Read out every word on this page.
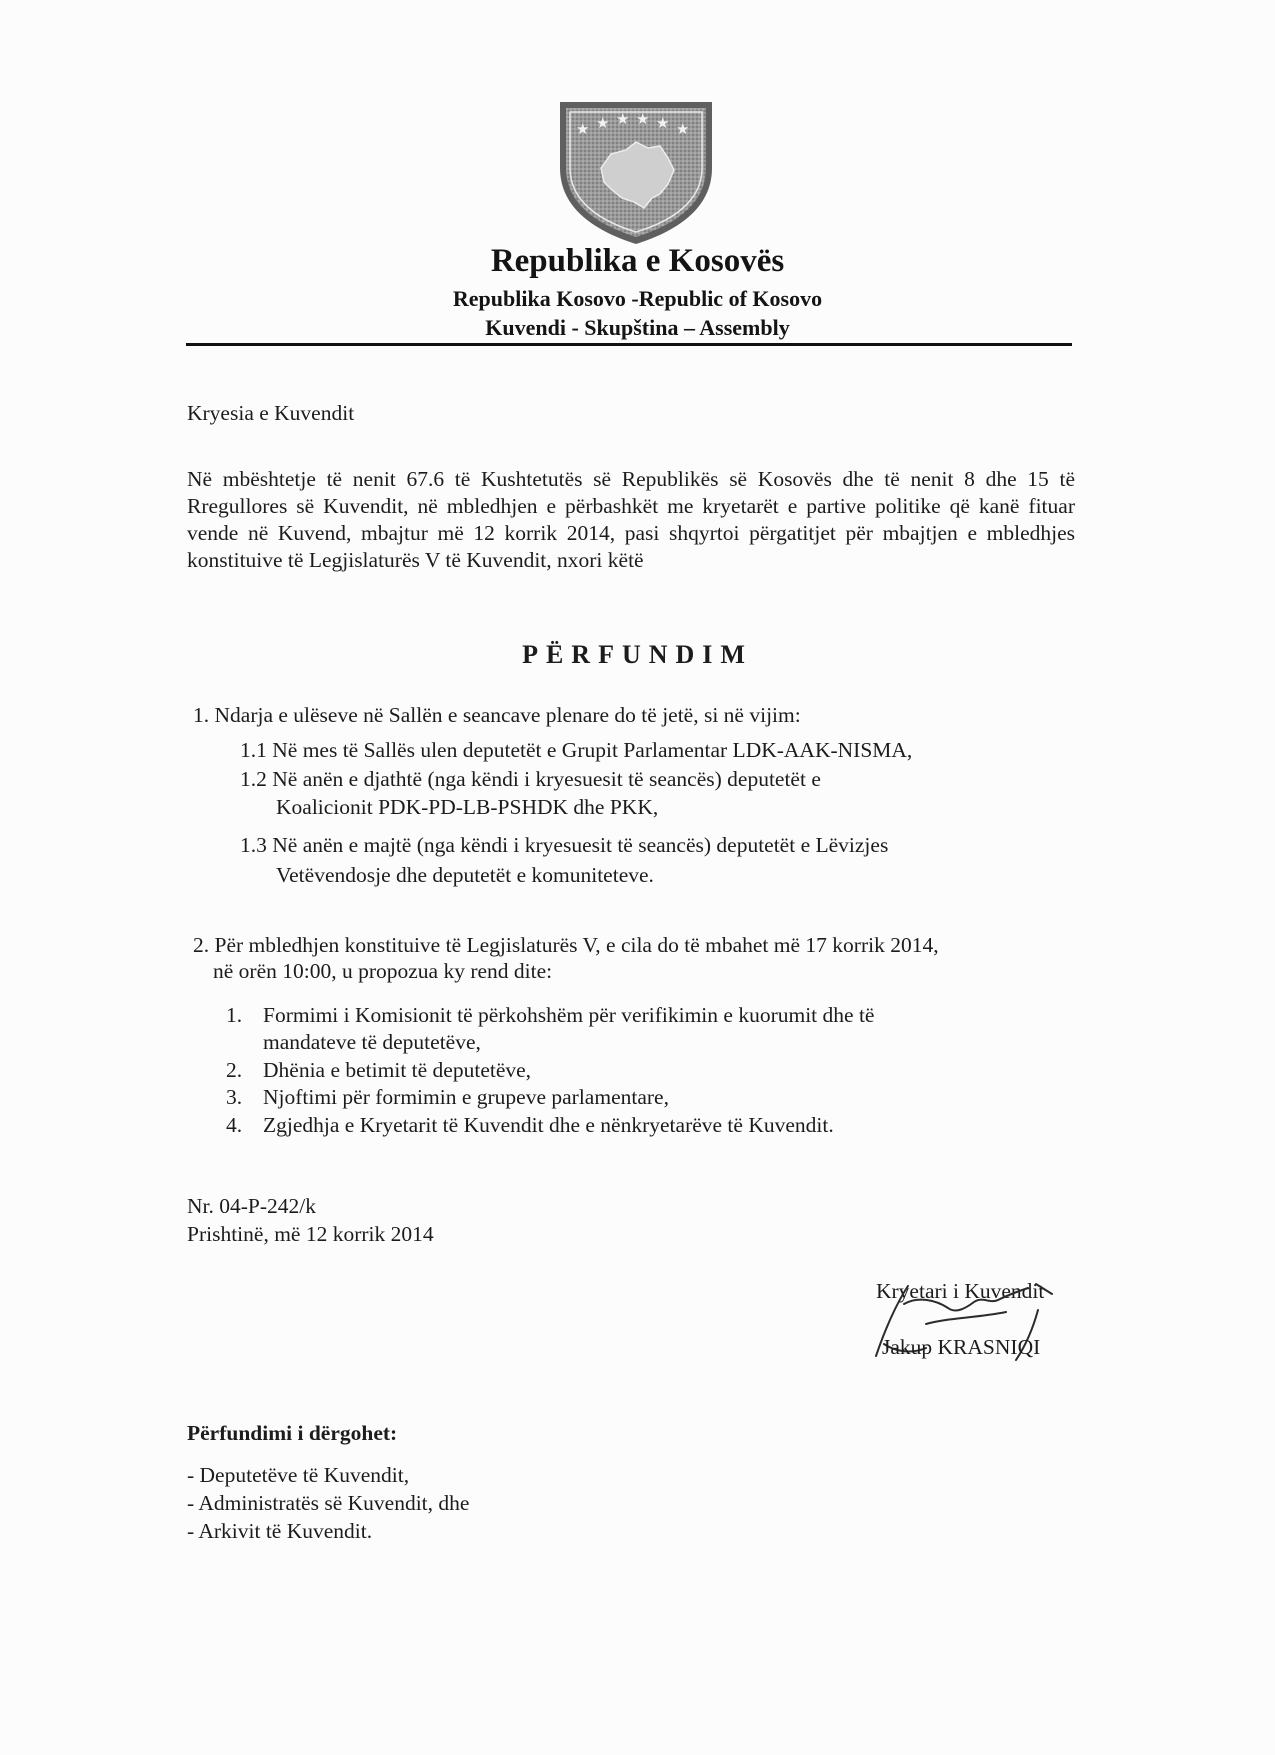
★ ★ ★ ★ ★ ★
Republika e Kosovës
Republika Kosovo -Republic of Kosovo
Kuvendi - Skupština – Assembly
Kryesia e Kuvendit
Në mbështetje të nenit 67.6 të Kushtetutës së Republikës së Kosovës dhe të nenit 8 dhe 15 të Rregullores së Kuvendit, në mbledhjen e përbashkët me kryetarët e partive politike që kanë fituar vende në Kuvend, mbajtur më 12 korrik 2014, pasi shqyrtoi përgatitjet për mbajtjen e mbledhjes konstituive të Legjislaturës V të Kuvendit, nxori këtë
PËRFUNDIM
1. Ndarja e ulëseve në Sallën e seancave plenare do të jetë, si në vijim:
1.1 Në mes të Sallës ulen deputetët e Grupit Parlamentar LDK-AAK-NISMA,
1.2 Në anën e djathtë (nga këndi i kryesuesit të seancës) deputetët e
Koalicionit PDK-PD-LB-PSHDK dhe PKK,
1.3 Në anën e majtë (nga këndi i kryesuesit të seancës) deputetët e Lëvizjes
Vetëvendosje dhe deputetët e komuniteteve.
2. Për mbledhjen konstituive të Legjislaturës V, e cila do të mbahet më 17 korrik 2014,
në orën 10:00, u propozua ky rend dite:
1. Formimi i Komisionit të përkohshëm për verifikimin e kuorumit dhe të
mandateve të deputetëve,
2. Dhënia e betimit të deputetëve,
3. Njoftimi për formimin e grupeve parlamentare,
4. Zgjedhja e Kryetarit të Kuvendit dhe e nënkryetarëve të Kuvendit.
Nr. 04-P-242/k
Prishtinë, më 12 korrik 2014
Kryetari i Kuvendit
Jakup KRASNIQI
Përfundimi i dërgohet:
- Deputetëve të Kuvendit,
- Administratës së Kuvendit, dhe
- Arkivit të Kuvendit.
